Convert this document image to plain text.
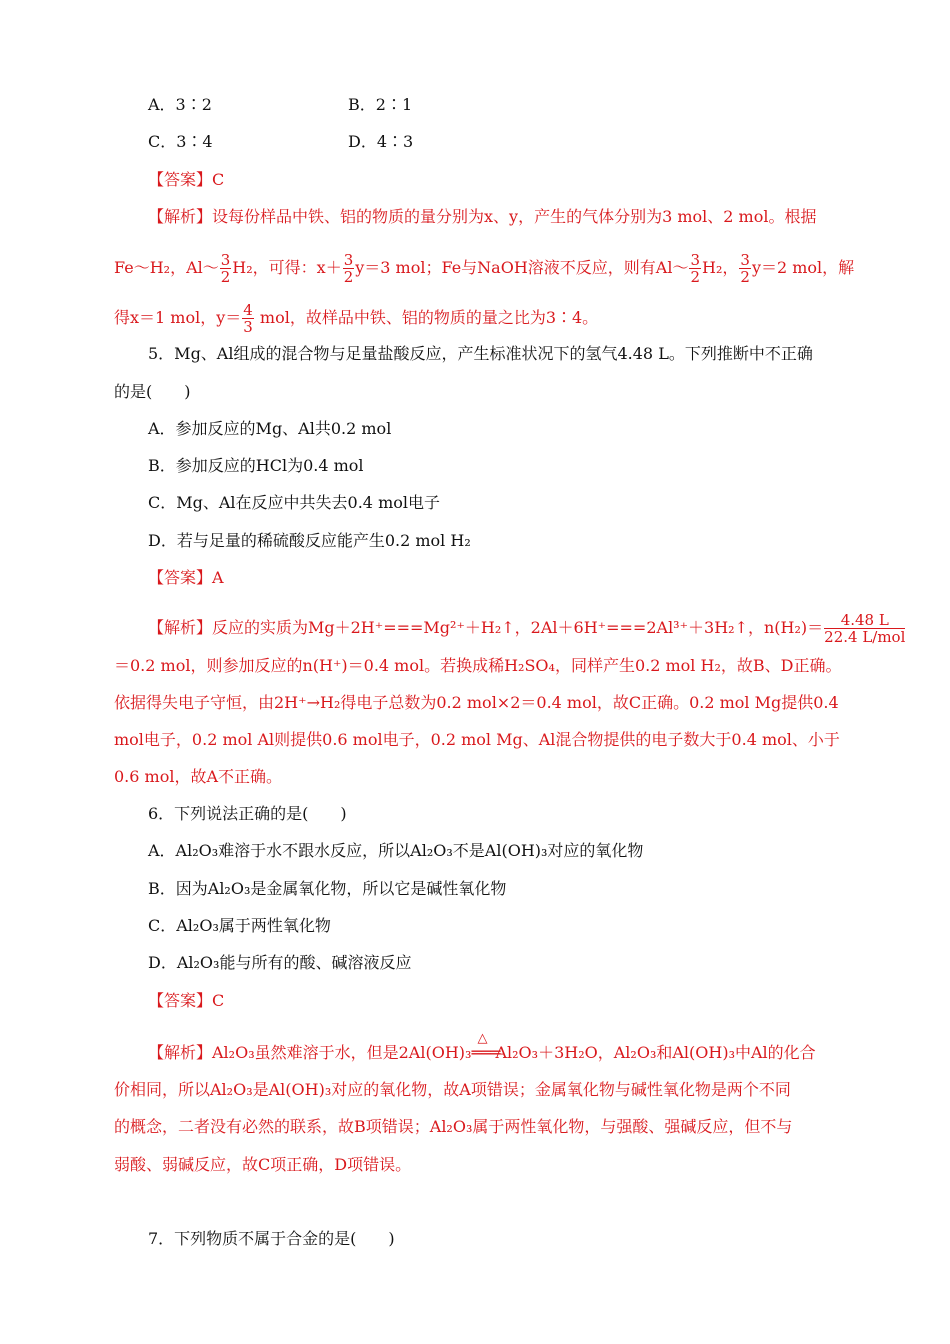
A．3∶2	B．2∶1
C．3∶4	D．4∶3
【答案】C
【解析】设每份样品中铁、铝的物质的量分别为x、y，产生的气体分别为3 mol、2 mol。根据
Fe～H₂，Al～ $\frac{3}{2} H_2$，可得：$x+ \frac{3}{2} y=3$ mol；Fe与NaOH溶液不反应，则有Al～ $\frac{3}{2} H_2$， $\frac{3}{2} y=2$ mol，解
得x＝1 mol，$y= \frac{4}{3}$ mol，故样品中铁、铝的物质的量之比为3∶4。
5．Mg、Al组成的混合物与足量盐酸反应，产生标准状况下的氢气4.48 L。下列推断中不正确
的是(　　)
A．参加反应的Mg、Al共0.2 mol
B．参加反应的HCl为0.4 mol
C．Mg、Al在反应中共失去0.4 mol电子
D．若与足量的稀硫酸反应能产生0.2 mol H₂
【答案】A
【解析】反应的实质为Mg＋2H⁺===Mg²⁺＋H₂↑，2Al＋6H⁺===2Al³⁺＋3H₂↑，n(H₂)＝	4.48 L
22.4 L/mol
＝0.2 mol，则参加反应的n(H⁺)＝0.4 mol。若换成稀H₂SO₄，同样产生0.2 mol H₂，故B、D正确。
依据得失电子守恒，由2H⁺→H₂得电子总数为0.2 mol×2＝0.4 mol，故C正确。0.2 mol Mg提供0.4
mol电子，0.2 mol Al则提供0.6 mol电子，0.2 mol Mg、Al混合物提供的电子数大于0.4 mol、小于
0.6 mol，故A不正确。
6．下列说法正确的是(　　)
A．Al₂O₃难溶于水不跟水反应，所以Al₂O₃不是Al(OH)₃对应的氧化物
B．因为Al₂O₃是金属氧化物，所以它是碱性氧化物
C．Al₂O₃属于两性氧化物
D．Al₂O₃能与所有的酸、碱溶液反应
【答案】C
【解析】Al₂O₃虽然难溶于水，但是2Al(OH)₃
△
═══Al₂O₃＋3H₂O，Al₂O₃和Al(OH)₃中Al的化合
价相同，所以Al₂O₃是Al(OH)₃对应的氧化物，故A项错误；金属氧化物与碱性氧化物是两个不同
的概念，二者没有必然的联系，故B项错误；Al₂O₃属于两性氧化物，与强酸、强碱反应，但不与
弱酸、弱碱反应，故C项正确，D项错误。
7．下列物质不属于合金的是(　　)
